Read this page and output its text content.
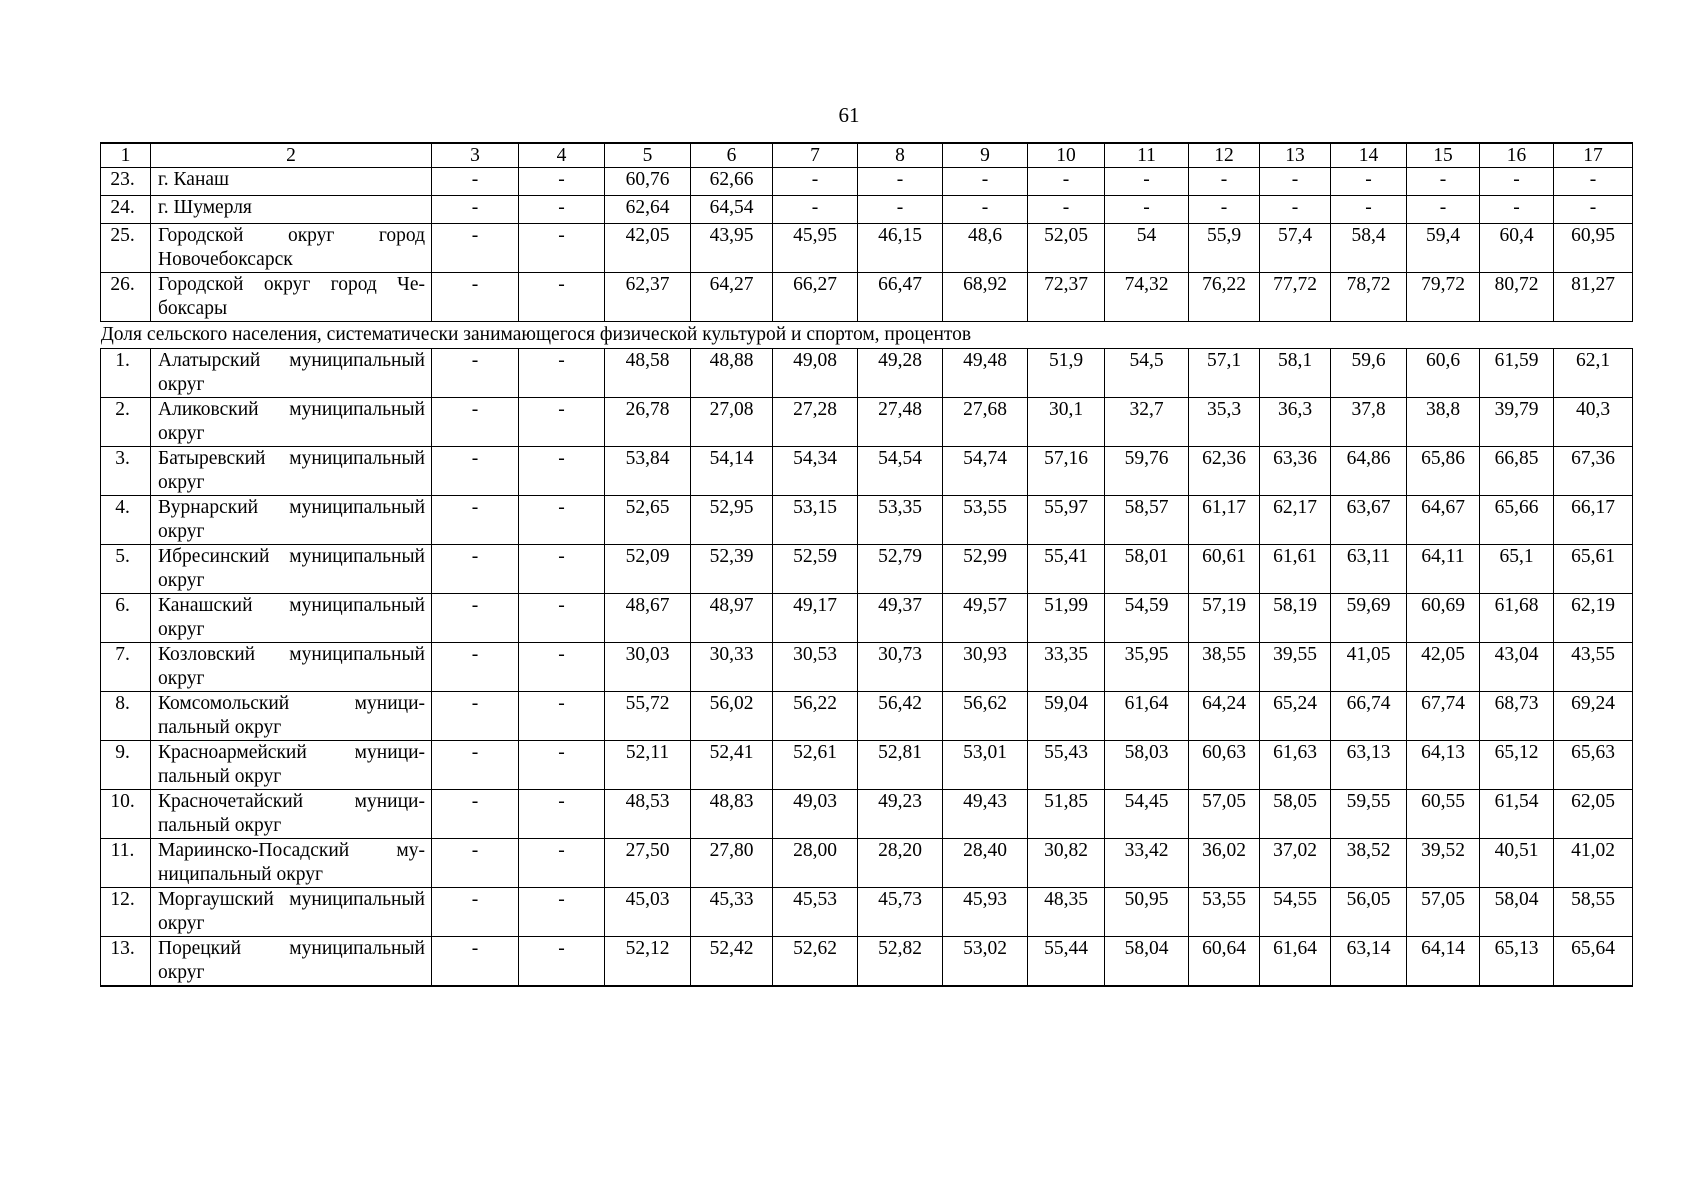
61
1	2	3	4	5	6	7	8	9	10	11	12	13	14	15	16	17
23.	г. Канаш	-	-	60,76	62,66	-	-	-	-	-	-	-	-	-	-	-
24.	г. Шумерля	-	-	62,64	64,54	-	-	-	-	-	-	-	-	-	-	-
25.	Городской округ город Новочебоксарск	-	-	42,05	43,95	45,95	46,15	48,6	52,05	54	55,9	57,4	58,4	59,4	60,4	60,95
26.	Городской округ город Чебоксары	-	-	62,37	64,27	66,27	66,47	68,92	72,37	74,32	76,22	77,72	78,72	79,72	80,72	81,27
Доля сельского населения, систематически занимающегося физической культурой и спортом, процентов																
1.	Алатырский муниципальный округ	-	-	48,58	48,88	49,08	49,28	49,48	51,9	54,5	57,1	58,1	59,6	60,6	61,59	62,1
2.	Аликовский муниципальный округ	-	-	26,78	27,08	27,28	27,48	27,68	30,1	32,7	35,3	36,3	37,8	38,8	39,79	40,3
3.	Батыревский муниципальный округ	-	-	53,84	54,14	54,34	54,54	54,74	57,16	59,76	62,36	63,36	64,86	65,86	66,85	67,36
4.	Вурнарский муниципальный округ	-	-	52,65	52,95	53,15	53,35	53,55	55,97	58,57	61,17	62,17	63,67	64,67	65,66	66,17
5.	Ибресинский муниципальный округ	-	-	52,09	52,39	52,59	52,79	52,99	55,41	58,01	60,61	61,61	63,11	64,11	65,1	65,61
6.	Канашский муниципальный округ	-	-	48,67	48,97	49,17	49,37	49,57	51,99	54,59	57,19	58,19	59,69	60,69	61,68	62,19
7.	Козловский муниципальный округ	-	-	30,03	30,33	30,53	30,73	30,93	33,35	35,95	38,55	39,55	41,05	42,05	43,04	43,55
8.	Комсомольский муниципальный округ	-	-	55,72	56,02	56,22	56,42	56,62	59,04	61,64	64,24	65,24	66,74	67,74	68,73	69,24
9.	Красноармейский муниципальный округ	-	-	52,11	52,41	52,61	52,81	53,01	55,43	58,03	60,63	61,63	63,13	64,13	65,12	65,63
10.	Красночетайский муниципальный округ	-	-	48,53	48,83	49,03	49,23	49,43	51,85	54,45	57,05	58,05	59,55	60,55	61,54	62,05
11.	Мариинско-Посадский муниципальный округ	-	-	27,50	27,80	28,00	28,20	28,40	30,82	33,42	36,02	37,02	38,52	39,52	40,51	41,02
12.	Моргаушский муниципальный округ	-	-	45,03	45,33	45,53	45,73	45,93	48,35	50,95	53,55	54,55	56,05	57,05	58,04	58,55
13.	Порецкий муниципальный округ	-	-	52,12	52,42	52,62	52,82	53,02	55,44	58,04	60,64	61,64	63,14	64,14	65,13	65,64
